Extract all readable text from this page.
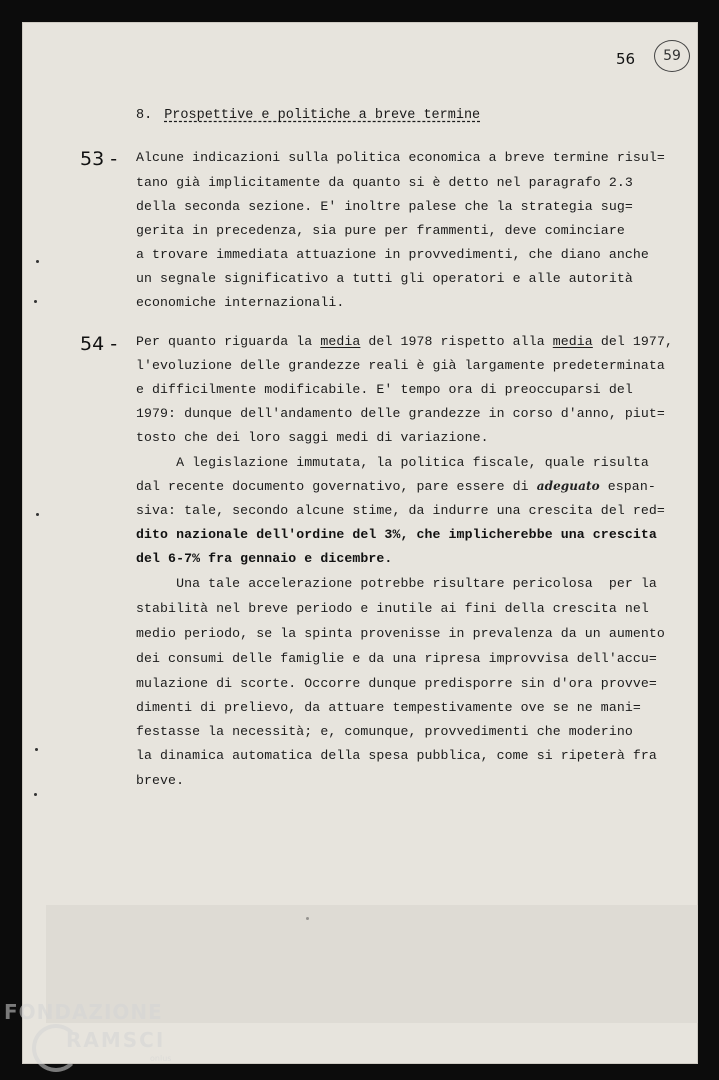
56	59
8. Prospettive e politiche a breve termine
53 - Alcune indicazioni sulla politica economica a breve termine risul=
tano già implicitamente da quanto si è detto nel paragrafo 2.3
della seconda sezione. E' inoltre palese che la strategia sug=
gerita in precedenza, sia pure per frammenti, deve cominciare
a trovare immediata attuazione in provvedimenti, che diano anche
un segnale significativo a tutti gli operatori e alle autorità
economiche internazionali.
54 - Per quanto riguarda la media del 1978 rispetto alla media del 1977,
l'evoluzione delle grandezze reali è già largamente predeterminata
e difficilmente modificabile. E' tempo ora di preoccuparsi del
1979: dunque dell'andamento delle grandezze in corso d'anno, piut=
tosto che dei loro saggi medi di variazione.
A legislazione immutata, la politica fiscale, quale risulta
dal recente documento governativo, pare essere di adeguato espan-
siva: tale, secondo alcune stime, da indurre una crescita del red=
dito nazionale dell'ordine del 3%, che implicherebbe una crescita
del 6-7% fra gennaio e dicembre.
Una tale accelerazione potrebbe risultare pericolosa  per la
stabilità nel breve periodo e inutile ai fini della crescita nel
medio periodo, se la spinta provenisse in prevalenza da un aumento
dei consumi delle famiglie e da una ripresa improvvisa dell'accu=
mulazione di scorte. Occorre dunque predisporre sin d'ora provve=
dimenti di prelievo, da attuare tempestivamente ove se ne mani=
festasse la necessità; e, comunque, provvedimenti che moderino
la dinamica automatica della spesa pubblica, come si ripeterà fra
breve.
FONDAZIONE
RAMSCI
onlus
